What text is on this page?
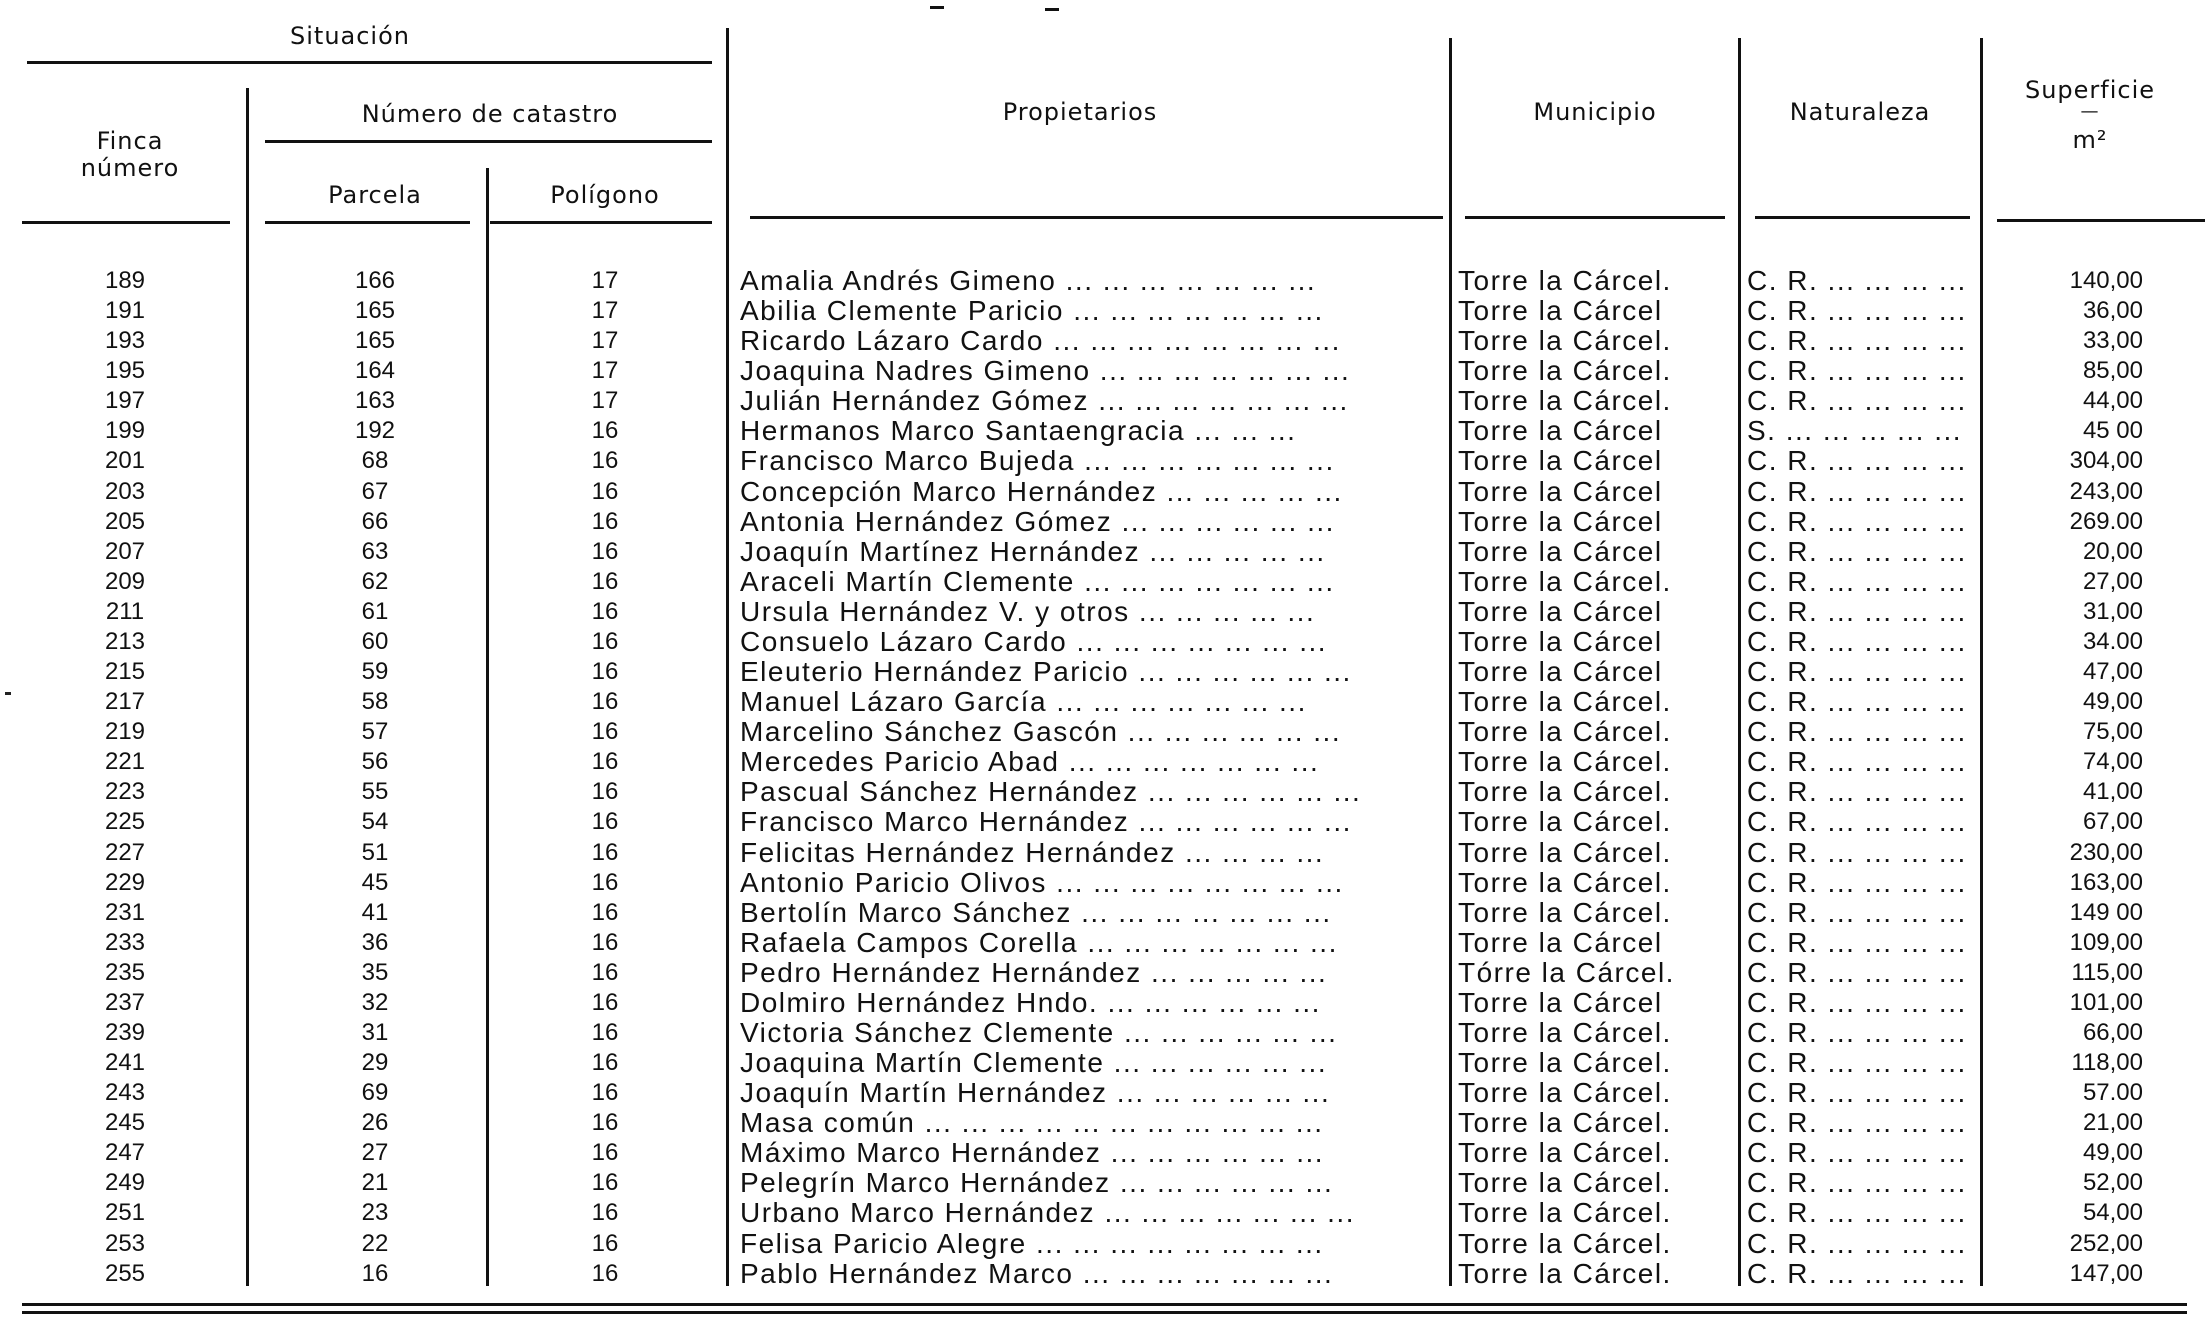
Situación
Finca
número
Número de catastro
Parcela	Polígono
Propietarios	Municipio	Naturaleza
Superficie
—
m²
189	166	17	Amalia Andrés Gimeno ... ... ... ... ... ... ...	Torre la Cárcel.	C. R. ... ... ... ...	140,00
191	165	17	Abilia Clemente Paricio ... ... ... ... ... ... ...	Torre la Cárcel	C. R. ... ... ... ...	36,00
193	165	17	Ricardo Lázaro Cardo ... ... ... ... ... ... ... ...	Torre la Cárcel.	C. R. ... ... ... ...	33,00
195	164	17	Joaquina Nadres Gimeno ... ... ... ... ... ... ...	Torre la Cárcel.	C. R. ... ... ... ...	85,00
197	163	17	Julián Hernández Gómez ... ... ... ... ... ... ...	Torre la Cárcel.	C. R. ... ... ... ...	44,00
199	192	16	Hermanos Marco Santaengracia ... ... ...	Torre la Cárcel	S. ... ... ... ... ...	45 00
201	68	16	Francisco Marco Bujeda ... ... ... ... ... ... ...	Torre la Cárcel	C. R. ... ... ... ...	304,00
203	67	16	Concepción Marco Hernández ... ... ... ... ...	Torre la Cárcel	C. R. ... ... ... ...	243,00
205	66	16	Antonia Hernández Gómez ... ... ... ... ... ...	Torre la Cárcel	C. R. ... ... ... ...	269.00
207	63	16	Joaquín Martínez Hernández ... ... ... ... ...	Torre la Cárcel	C. R. ... ... ... ...	20,00
209	62	16	Araceli Martín Clemente ... ... ... ... ... ... ...	Torre la Cárcel.	C. R. ... ... ... ...	27,00
211	61	16	Ursula Hernández V. y otros ... ... ... ... ...	Torre la Cárcel	C. R. ... ... ... ...	31,00
213	60	16	Consuelo Lázaro Cardo ... ... ... ... ... ... ...	Torre la Cárcel	C. R. ... ... ... ...	34.00
215	59	16	Eleuterio Hernández Paricio ... ... ... ... ... ...	Torre la Cárcel	C. R. ... ... ... ...	47,00
217	58	16	Manuel Lázaro García ... ... ... ... ... ... ...	Torre la Cárcel.	C. R. ... ... ... ...	49,00
219	57	16	Marcelino Sánchez Gascón ... ... ... ... ... ...	Torre la Cárcel.	C. R. ... ... ... ...	75,00
221	56	16	Mercedes Paricio Abad ... ... ... ... ... ... ...	Torre la Cárcel.	C. R. ... ... ... ...	74,00
223	55	16	Pascual Sánchez Hernández ... ... ... ... ... ...	Torre la Cárcel.	C. R. ... ... ... ...	41,00
225	54	16	Francisco Marco Hernández ... ... ... ... ... ...	Torre la Cárcel.	C. R. ... ... ... ...	67,00
227	51	16	Felicitas Hernández Hernández ... ... ... ...	Torre la Cárcel.	C. R. ... ... ... ...	230,00
229	45	16	Antonio Paricio Olivos ... ... ... ... ... ... ... ...	Torre la Cárcel.	C. R. ... ... ... ...	163,00
231	41	16	Bertolín Marco Sánchez ... ... ... ... ... ... ...	Torre la Cárcel.	C. R. ... ... ... ...	149 00
233	36	16	Rafaela Campos Corella ... ... ... ... ... ... ...	Torre la Cárcel	C. R. ... ... ... ...	109,00
235	35	16	Pedro Hernández Hernández ... ... ... ... ...	Tórre la Cárcel.	C. R. ... ... ... ...	115,00
237	32	16	Dolmiro Hernández Hndo. ... ... ... ... ... ...	Torre la Cárcel	C. R. ... ... ... ...	101,00
239	31	16	Victoria Sánchez Clemente ... ... ... ... ... ...	Torre la Cárcel.	C. R. ... ... ... ...	66,00
241	29	16	Joaquina Martín Clemente ... ... ... ... ... ...	Torre la Cárcel.	C. R. ... ... ... ...	118,00
243	69	16	Joaquín Martín Hernández ... ... ... ... ... ...	Torre la Cárcel.	C. R. ... ... ... ...	57.00
245	26	16	Masa común ... ... ... ... ... ... ... ... ... ... ...	Torre la Cárcel.	C. R. ... ... ... ...	21,00
247	27	16	Máximo Marco Hernández ... ... ... ... ... ...	Torre la Cárcel.	C. R. ... ... ... ...	49,00
249	21	16	Pelegrín Marco Hernández ... ... ... ... ... ...	Torre la Cárcel.	C. R. ... ... ... ...	52,00
251	23	16	Urbano Marco Hernández ... ... ... ... ... ... ...	Torre la Cárcel.	C. R. ... ... ... ...	54,00
253	22	16	Felisa Paricio Alegre ... ... ... ... ... ... ... ...	Torre la Cárcel.	C. R. ... ... ... ...	252,00
255	16	16	Pablo Hernández Marco ... ... ... ... ... ... ...	Torre la Cárcel.	C. R. ... ... ... ...	147,00
